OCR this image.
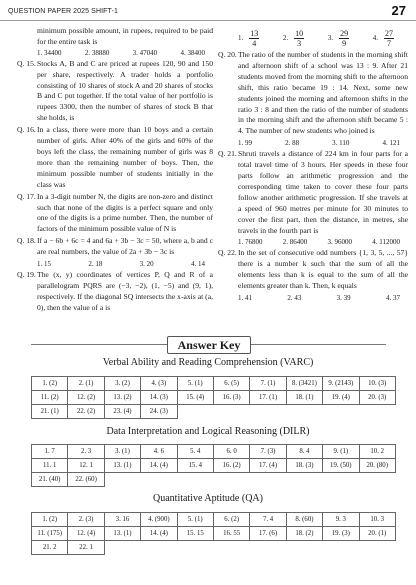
QUESTION PAPER 2025 SHIFT-1	27
minimum possible amount, in rupees, required to be paid for the entire task is
1. 34400	2. 38880	3. 47040	4. 38400
Q. 15. Stocks A, B and C are priced at rupees 120, 90 and 150 per share, respectively. A trader holds a portfolio consisting of 10 shares of stock A and 20 shares of stocks B and C put together. If the total value of her portfolio is rupees 3300, then the number of shares of stock B that she holds, is
Q. 16. In a class, there were more than 10 boys and a certain number of girls. After 40% of the girls and 60% of the boys left the class, the remaining number of girls was 8 more than the remaining number of boys. Then, the minimum possible number of students initially in the class was
Q. 17. In a 3-digit number N, the digits are non-zero and distinct such that none of the digits is a perfect square and only one of the digits is a prime number. Then, the number of factors of the minimum possible value of N is
Q. 18. If a − 6b + 6c = 4 and 6a + 3b − 3c = 50, where a, b and c are real numbers, the value of 2a + 3b − 3c is
1. 15	2. 18	3. 20	4. 14
Q. 19. The (x, y) coordinates of vertices P, Q and R of a parallelogram PQRS are (−3, −2), (1, −5) and (9, 1), respectively. If the diagonal SQ intersects the x-axis at (a, 0), then the value of a is
1. $\frac{13}{4}$	2. $\frac{10}{3}$	3. $\frac{29}{9}$	4. $\frac{27}{7}$
Q. 20. The ratio of the number of students in the morning shift and afternoon shift of a school was 13 : 9. After 21 students moved from the morning shift to the afternoon shift, this ratio became 19 : 14. Next, some new students joined the morning and afternoon shifts in the ratio 3 : 8 and then the ratio of the number of students in the morning shift and the afternoon shift became 5 : 4. The number of new students who joined is
1. 99	2. 88	3. 110	4. 121
Q. 21. Shruti travels a distance of 224 km in four parts for a total travel time of 3 hours. Her speeds in these four parts follow an arithmetic progression and the corresponding time taken to cover these four parts follow another arithmetic progression. If she travels at a speed of 960 metres per minute for 30 minutes to cover the first part, then the distance, in metres, she travels in the fourth part is
1. 76800	2. 86400	3. 96000	4. 112000
Q. 22. In the set of consecutive odd numbers {1, 3, 5, ..., 57} there is a number k such that the sum of all the elements less than k is equal to the sum of all the elements greater than k. Then, k equals
1. 41	2. 43	3. 39	4. 37
Answer Key
Verbal Ability and Reading Comprehension (VARC)
1. (2)	2. (1)	3. (2)	4. (3)	5. (1)	6. (5)	7. (1)	8. (3421)	9. (2143)	10. (3)
11. (2)	12. (2)	13. (2)	14. (3)	15. (4)	16. (3)	17. (1)	18. (1)	19. (4)	20. (3)
21. (1)	22. (2)	23. (4)	24. (3)						
Data Interpretation and Logical Reasoning (DILR)
1. 7	2. 3	3. (1)	4. 6	5. 4	6. 0	7. (3)	8. 4	9. (1)	10. 2
11. 1	12. 1	13. (1)	14. (4)	15. 4	16. (2)	17. (4)	18. (3)	19. (50)	20. (80)
21. (40)	22. (60)								
Quantitative Aptitude (QA)
1. (2)	2. (3)	3. 16	4. (900)	5. (1)	6. (2)	7. 4	8. (60)	9. 3	10. 3
11. (175)	12. (4)	13. (1)	14. (4)	15. 15	16. 55	17. (6)	18. (2)	19. (3)	20. (1)
21. 2	22. 1								
